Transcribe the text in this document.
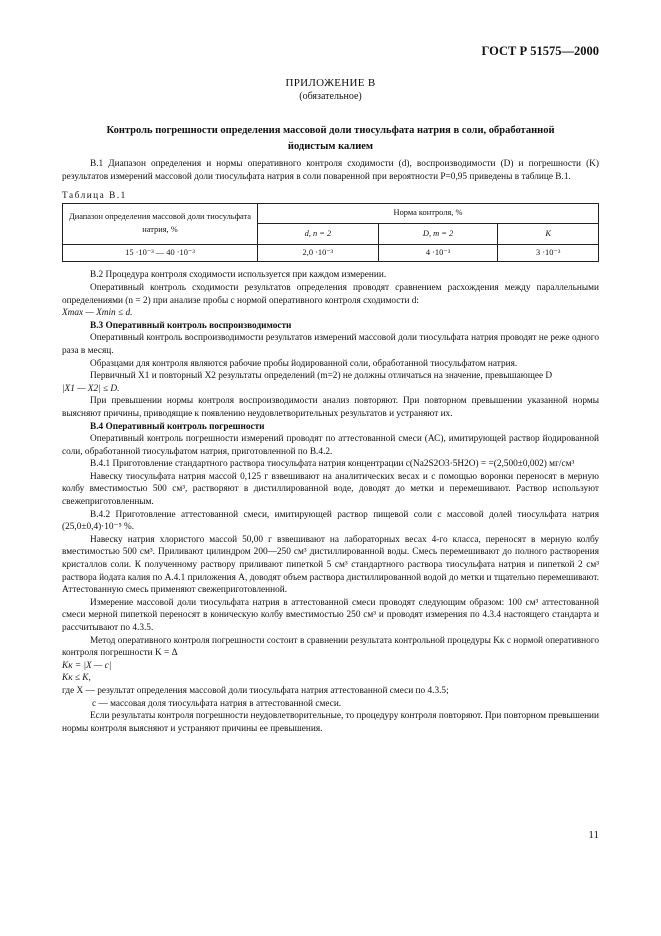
ГОСТ Р 51575—2000
ПРИЛОЖЕНИЕ В
(обязательное)
Контроль погрешности определения массовой доли тиосульфата натрия в соли, обработанной йодистым калием

В.1 Диапазон определения и нормы оперативного контроля сходимости (d), воспроизводимости (D) и погрешности (K) результатов измерений массовой доли тиосульфата натрия в соли поваренной при вероятности P=0,95 приведены в таблице В.1.

Таблица В.1

Диапазон определения массовой доли тиосульфата натрия, %	Норма контроля, %		
	d, n = 2	D, m = 2	K
15 ·10⁻³ — 40 ·10⁻³	2,0 ·10⁻³	4 ·10⁻³	3 ·10⁻³

В.2 Процедура контроля сходимости используется при каждом измерении.

Оперативный контроль сходимости результатов определения проводят сравнением расхождения между параллельными определениями (n = 2) при анализе пробы с нормой оперативного контроля сходимости d:

Xmax — Xmin ≤ d.

В.3 Оперативный контроль воспроизводимости

Оперативный контроль воспроизводимости результатов измерений массовой доли тиосульфата натрия проводят не реже одного раза в месяц.

Образцами для контроля являются рабочие пробы йодированной соли, обработанной тиосульфатом натрия.

Первичный X1 и повторный X2 результаты определений (m=2) не должны отличаться на значение, превышающее D

|X1 — X2| ≤ D.

При превышении нормы контроля воспроизводимости анализ повторяют. При повторном превышении указанной нормы выясняют причины, приводящие к появлению неудовлетворительных результатов и устраняют их.

В.4 Оперативный контроль погрешности

Оперативный контроль погрешности измерений проводят по аттестованной смеси (АС), имитирующей раствор йодированной соли, обработанной тиосульфатом натрия, приготовленной по В.4.2.

В.4.1 Приготовление стандартного раствора тиосульфата натрия концентрации c(Na2S2O3·5H2O) = =(2,500±0,002) мг/см³

Навеску тиосульфата натрия массой 0,125 г взвешивают на аналитических весах и с помощью воронки переносят в мерную колбу вместимостью 500 см³, растворяют в дистиллированной воде, доводят до метки и перемешивают. Раствор используют свежеприготовленным.

В.4.2 Приготовление аттестованной смеси, имитирующей раствор пищевой соли с массовой долей тиосульфата натрия (25,0±0,4)·10⁻⁵ %.

Навеску натрия хлористого массой 50,00 г взвешивают на лабораторных весах 4-го класса, переносят в мерную колбу вместимостью 500 см³. Приливают цилиндром 200—250 см³ дистиллированной воды. Смесь перемешивают до полного растворения кристаллов соли. К полученному раствору приливают пипеткой 5 см³ стандартного раствора тиосульфата натрия и пипеткой 2 см³ раствора йодата калия по А.4.1 приложения А, доводят объем раствора дистиллированной водой до метки и тщательно перемешивают. Аттестованную смесь применяют свежеприготовленной.

Измерение массовой доли тиосульфата натрия в аттестованной смеси проводят следующим образом: 100 см³ аттестованной смеси мерной пипеткой переносят в коническую колбу вместимостью 250 см³ и проводят измерения по 4.3.4 настоящего стандарта и рассчитывают по 4.3.5.

Метод оперативного контроля погрешности состоит в сравнении результата контрольной процедуры Kк с нормой оперативного контроля погрешности K = Δ

Kк = |X — c|

Kк ≤ K,

где X — результат определения массовой доли тиосульфата натрия аттестованной смеси по 4.3.5;

c — массовая доля тиосульфата натрия в аттестованной смеси.

Если результаты контроля погрешности неудовлетворительные, то процедуру контроля повторяют. При повторном превышении нормы контроля выясняют и устраняют причины ее превышения.

11
